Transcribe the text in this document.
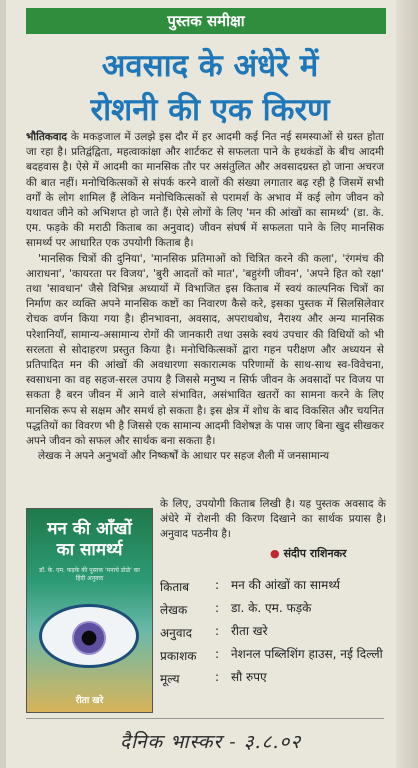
पुस्तक समीक्षा
अवसाद के अंधेरे में
रोशनी की एक किरण

भौतिकवाद के मकड़जाल में उलझे इस दौर में हर आदमी कई नित नई समस्याओं से ग्रस्त होता जा रहा है। प्रतिद्वंद्विता, महत्वाकांक्षा और शार्टकट से सफलता पाने के हथकंडों के बीच आदमी बदहवास है। ऐसे में आदमी का मानसिक तौर पर असंतुलित और अवसादग्रस्त हो जाना अचरज की बात नहीं। मनोचिकित्सकों से संपर्क करने वालों की संख्या लगातार बढ़ रही है जिसमें सभी वर्गों के लोग शामिल हैं लेकिन मनोचिकित्सकों से परामर्श के अभाव में कई लोग जीवन को यथावत जीने को अभिशप्त हो जाते हैं। ऐसे लोगों के लिए 'मन की आंखों का सामर्थ्य' (डा. के. एम. फड़के की मराठी किताब का अनुवाद) जीवन संघर्ष में सफलता पाने के लिए मानसिक सामर्थ्य पर आधारित एक उपयोगी किताब है।

'मानसिक चित्रों की दुनिया', 'मानसिक प्रतिमाओं को चित्रित करने की कला', 'रंगमंच की आराधना', 'कायरता पर विजय', 'बुरी आदतों को मात', 'बहुरंगी जीवन', 'अपने हित को रक्षा' तथा 'सावधान' जैसे विभिन्न अध्यायों में विभाजित इस किताब में स्वयं काल्पनिक चित्रों का निर्माण कर व्यक्ति अपने मानसिक कष्टों का निवारण कैसे करे, इसका पुस्तक में सिलसिलेवार रोचक वर्णन किया गया है। हीनभावना, अवसाद, अपराधबोध, नैराश्य और अन्य मानसिक परेशानियाँ, सामान्य-असामान्य रोगों की जानकारी तथा उसके स्वयं उपचार की विधियों को भी सरलता से सोदाहरण प्रस्तुत किया है। मनोचिकित्सकों द्वारा गहन परीक्षण और अध्ययन से प्रतिपादित मन की आंखों की अवधारणा सकारात्मक परिणामों के साथ-साथ स्व-विवेचना, स्वसाधना का वह सहज-सरल उपाय है जिससे मनुष्य न सिर्फ जीवन के अवसादों पर विजय पा सकता है बरन जीवन में आने वाले संभावित, असंभावित खतरों का सामना करने के लिए मानसिक रूप से सक्षम और समर्थ हो सकता है। इस क्षेत्र में शोध के बाद विकसित और चयनित पद्धतियों का विवरण भी है जिससे एक सामान्य आदमी विशेषज्ञ के पास जाए बिना खुद सीखकर अपने जीवन को सफल और सार्थक बना सकता है।

लेखक ने अपने अनुभवों और निष्कर्षों के आधार पर सहज शैली में जनसामान्य

के लिए, उपयोगी किताब लिखी है। यह पुस्तक अवसाद के अंधेरे में रोशनी की किरण दिखाने का सार्थक प्रयास है। अनुवाद पठनीय है।
● संदीप राशिनकर
मन की आँखों
का सामर्थ्य
डॉ. के. एम. फड़के की पुस्तक 'मनाचे डोळे' का हिंदी अनुवाद
रीता खरे
किताब	: मन की आंखों का सामर्थ्य
लेखक	: डा. के. एम. फड़के
अनुवाद	: रीता खरे
प्रकाशक	: नेशनल पब्लिशिंग हाउस, नई दिल्ली
मूल्य	: सौ रुपए
दैनिक भास्कर - ३.८.०२
